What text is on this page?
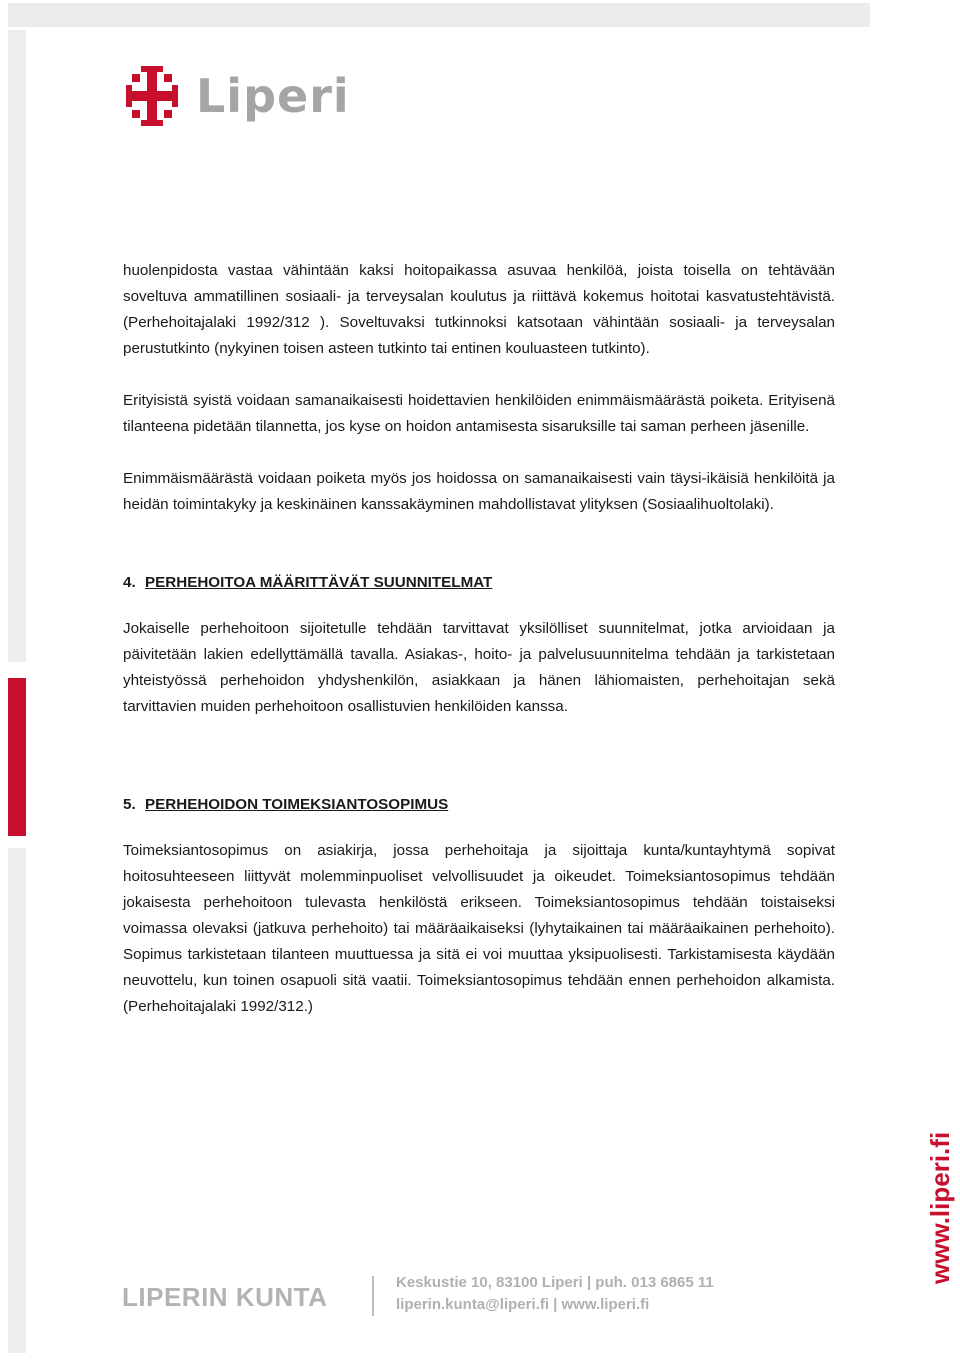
Liperi

huolenpidosta vastaa vähintään kaksi hoitopaikassa asuvaa henkilöä, joista toisella on tehtävään soveltuva ammatillinen sosiaali- ja terveysalan koulutus ja riittävä kokemus hoitotai kasvatustehtävistä. (Perhehoitajalaki 1992/312 ). Soveltuvaksi tutkinnoksi katsotaan vähintään sosiaali- ja terveysalan perustutkinto (nykyinen toisen asteen tutkinto tai entinen kouluasteen tutkinto).

Erityisistä syistä voidaan samanaikaisesti hoidettavien henkilöiden enimmäismäärästä poiketa. Erityisenä tilanteena pidetään tilannetta, jos kyse on hoidon antamisesta sisaruksille tai saman perheen jäsenille.

Enimmäismäärästä voidaan poiketa myös jos hoidossa on samanaikaisesti vain täysi-ikäisiä henkilöitä ja heidän toimintakyky ja keskinäinen kanssakäyminen mahdollistavat ylityksen (Sosiaalihuoltolaki).

4. PERHEHOITOA MÄÄRITTÄVÄT SUUNNITELMAT

Jokaiselle perhehoitoon sijoitetulle tehdään tarvittavat yksilölliset suunnitelmat, jotka arvioidaan ja päivitetään lakien edellyttämällä tavalla. Asiakas-, hoito- ja palvelusuunnitelma tehdään ja tarkistetaan yhteistyössä perhehoidon yhdyshenkilön, asiakkaan ja hänen lähiomaisten, perhehoitajan sekä tarvittavien muiden perhehoitoon osallistuvien henkilöiden kanssa.

5. PERHEHOIDON TOIMEKSIANTOSOPIMUS

Toimeksiantosopimus on asiakirja, jossa perhehoitaja ja sijoittaja kunta/kuntayhtymä sopivat hoitosuhteeseen liittyvät molemminpuoliset velvollisuudet ja oikeudet. Toimeksiantosopimus tehdään jokaisesta perhehoitoon tulevasta henkilöstä erikseen. Toimeksiantosopimus tehdään toistaiseksi voimassa olevaksi (jatkuva perhehoito) tai määräaikaiseksi (lyhytaikainen tai määräaikainen perhehoito). Sopimus tarkistetaan tilanteen muuttuessa ja sitä ei voi muuttaa yksipuolisesti. Tarkistamisesta käydään neuvottelu, kun toinen osapuoli sitä vaatii. Toimeksiantosopimus tehdään ennen perhehoidon alkamista. (Perhehoitajalaki 1992/312.)

LIPERIN KUNTA	Keskustie 10, 83100 Liperi | puh. 013 6865 11
liperin.kunta@liperi.fi | www.liperi.fi
www.liperi.fi
